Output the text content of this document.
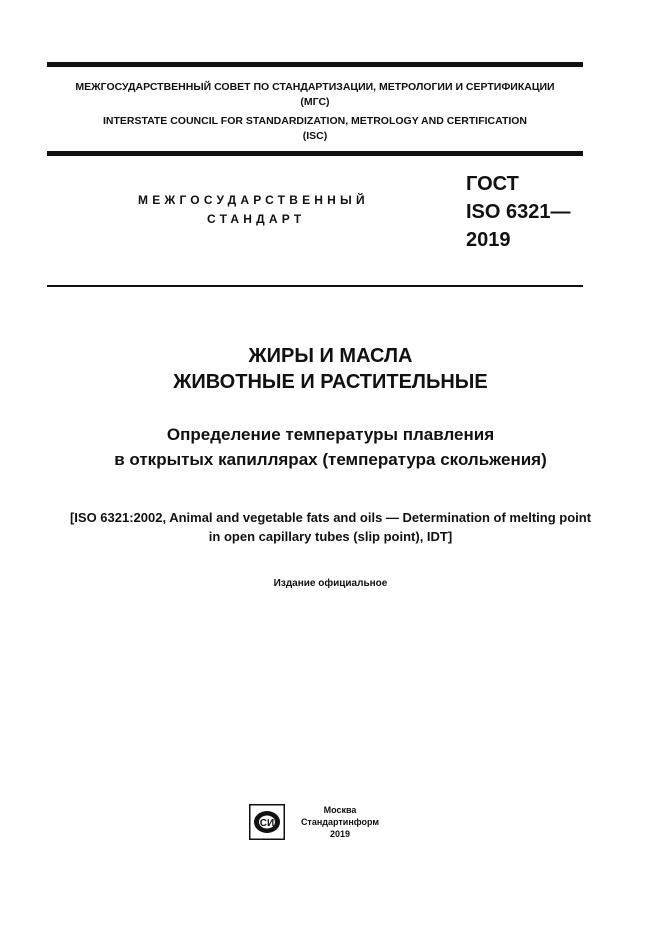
МЕЖГОСУДАРСТВЕННЫЙ СОВЕТ ПО СТАНДАРТИЗАЦИИ, МЕТРОЛОГИИ И СЕРТИФИКАЦИИ
(МГС)
INTERSTATE COUNCIL FOR STANDARDIZATION, METROLOGY AND CERTIFICATION
(ISC)
МЕЖГОСУДАРСТВЕННЫЙ
СТАНДАРТ
ГОСТ
ISO 6321—
2019
ЖИРЫ И МАСЛА
ЖИВОТНЫЕ И РАСТИТЕЛЬНЫЕ
Определение температуры плавления
в открытых капиллярах (температура скольжения)
[ISO 6321:2002, Animal and vegetable fats and oils — Determination of melting point
in open capillary tubes (slip point), IDT]
Издание официальное
СИ
Москва
Стандартинформ
2019
